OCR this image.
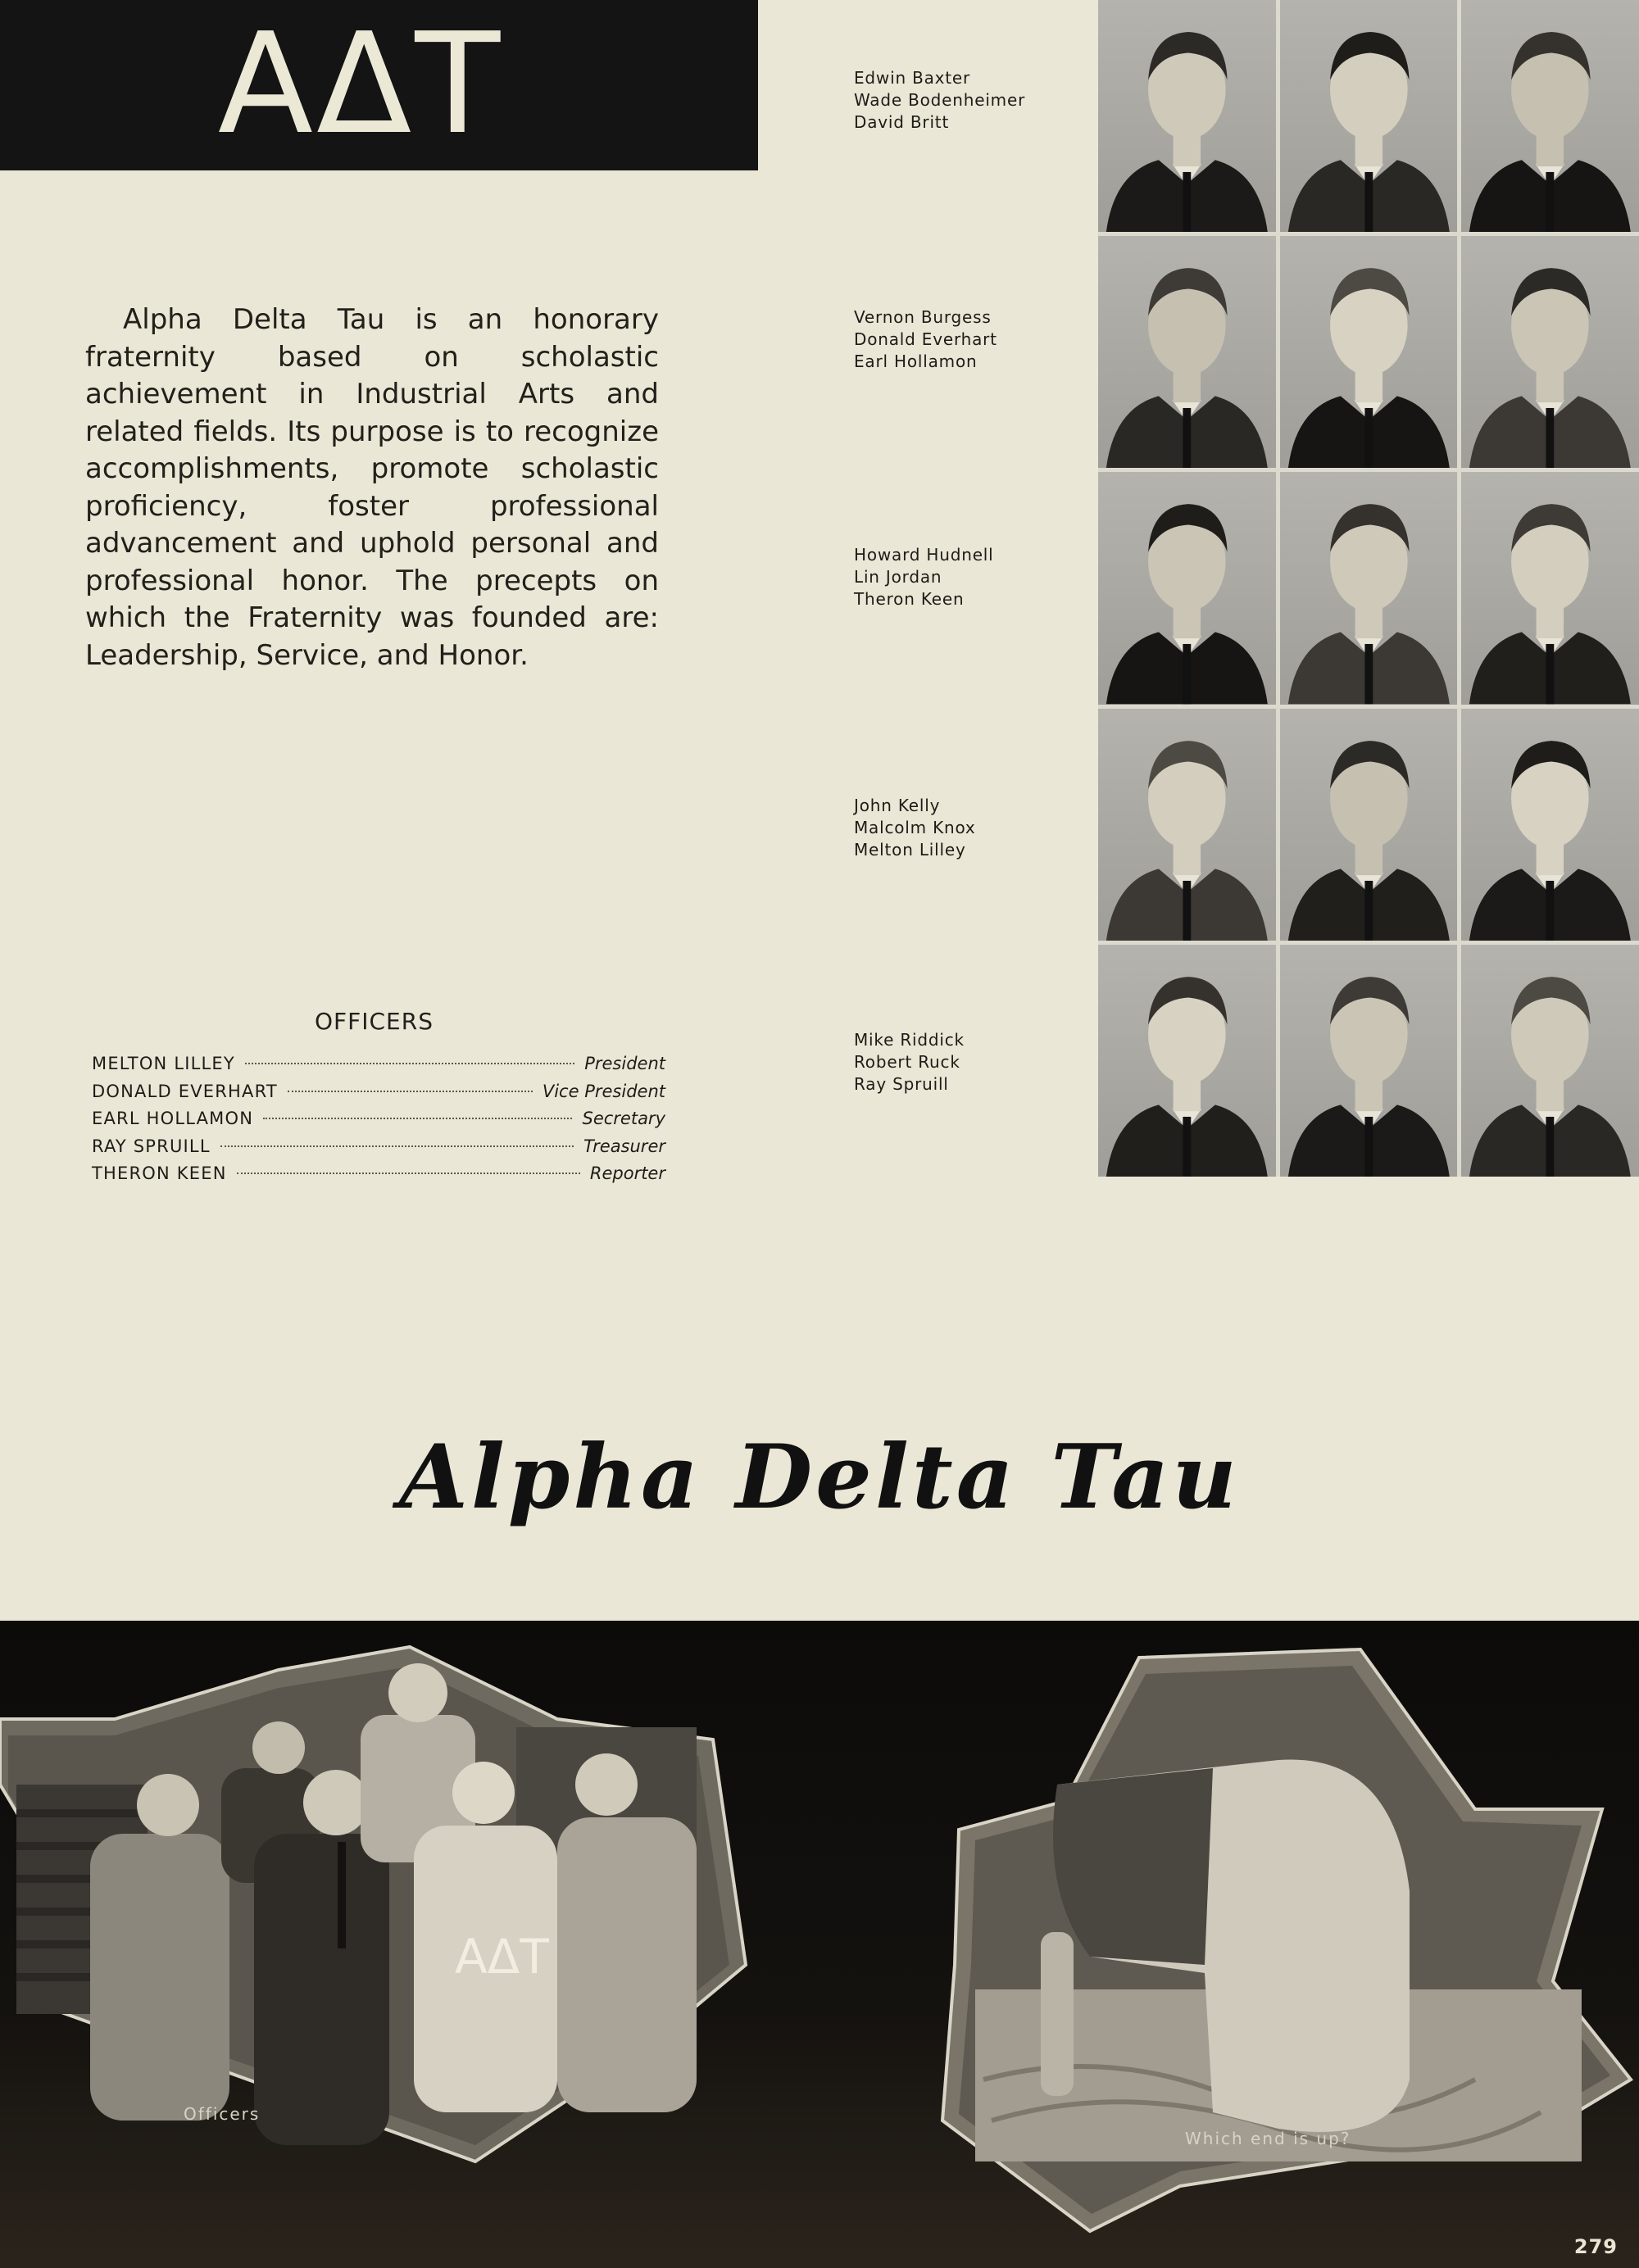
ΑΔΤ

Alpha Delta Tau is an honorary fraternity based on scholastic achievement in Industrial Arts and related fields. Its purpose is to recognize accomplishments, promote scholastic proficiency, foster professional advancement and uphold personal and professional honor. The precepts on which the Fraternity was founded are: Leadership, Service, and Honor.

OFFICERS
MELTON LILLEY	President
DONALD EVERHART	Vice President
EARL HOLLAMON	Secretary
RAY SPRUILL	Treasurer
THERON KEEN	Reporter
Edwin Baxter
Wade Bodenheimer
David Britt
Vernon Burgess
Donald Everhart
Earl Hollamon
Howard Hudnell
Lin Jordan
Theron Keen
John Kelly
Malcolm Knox
Melton Lilley
Mike Riddick
Robert Ruck
Ray Spruill
Alpha Delta Tau
ΑΔΤ
Officers
Which end is up?
279
